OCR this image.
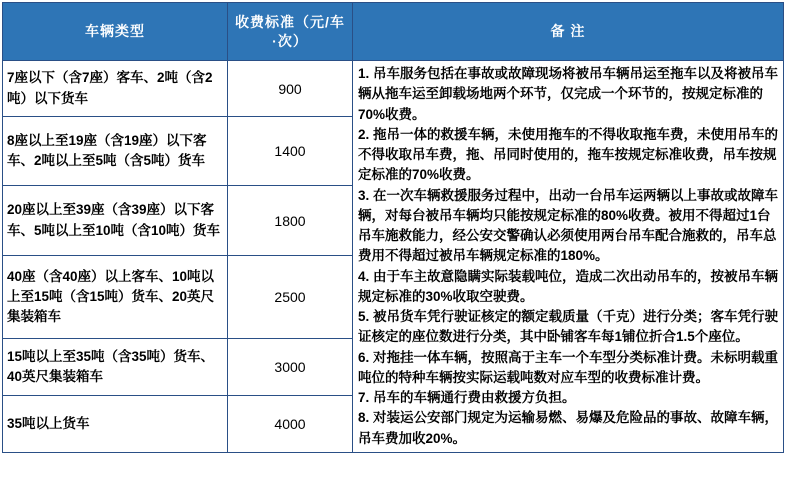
车辆类型	收费标准（元/车·次）	备 注
7座以下（含7座）客车、2吨（含2吨）以下货车	900	
1. 吊车服务包括在事故或故障现场将被吊车辆吊运至拖车以及将被吊车辆从拖车运至卸载场地两个环节，仅完成一个环节的，按规定标准的70%收费。
2. 拖吊一体的救援车辆，未使用拖车的不得收取拖车费，未使用吊车的不得收取吊车费，拖、吊同时使用的，拖车按规定标准收费，吊车按规定标准的70%收费。
3. 在一次车辆救援服务过程中，出动一台吊车运两辆以上事故或故障车辆，对每台被吊车辆均只能按规定标准的80%收费。被用不得超过1台吊车施救能力，经公安交警确认必须使用两台吊车配合施救的，吊车总费用不得超过被吊车辆规定标准的180%。
4. 由于车主故意隐瞒实际装载吨位，造成二次出动吊车的，按被吊车辆规定标准的30%收取空驶费。
5. 被吊货车凭行驶证核定的额定载质量（千克）进行分类；客车凭行驶证核定的座位数进行分类，其中卧铺客车每1铺位折合1.5个座位。
6. 对拖挂一体车辆，按照高于主车一个车型分类标准计费。未标明载重吨位的特种车辆按实际运载吨数对应车型的收费标准计费。
7. 吊车的车辆通行费由救援方负担。
8. 对装运公安部门规定为运输易燃、易爆及危险品的事故、故障车辆，吊车费加收20%。

8座以上至19座（含19座）以下客车、2吨以上至5吨（含5吨）货车	1400	
20座以上至39座（含39座）以下客车、5吨以上至10吨（含10吨）货车	1800	
40座（含40座）以上客车、10吨以上至15吨（含15吨）货车、20英尺集装箱车	2500	
15吨以上至35吨（含35吨）货车、40英尺集装箱车	3000	
35吨以上货车	4000	
